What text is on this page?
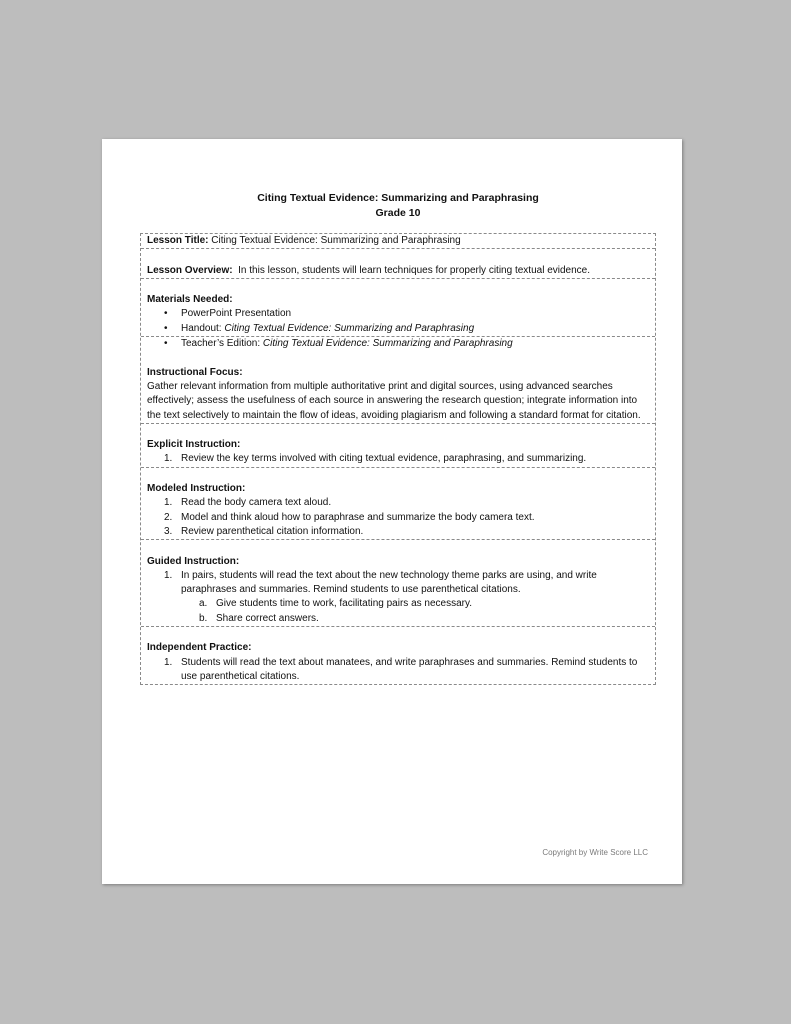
Citing Textual Evidence: Summarizing and Paraphrasing
Grade 10
Lesson Title: Citing Textual Evidence: Summarizing and Paraphrasing
Lesson Overview: In this lesson, students will learn techniques for properly citing textual evidence.
Materials Needed:
• PowerPoint Presentation
• Handout: Citing Textual Evidence: Summarizing and Paraphrasing
• Teacher’s Edition: Citing Textual Evidence: Summarizing and Paraphrasing
Instructional Focus:
Gather relevant information from multiple authoritative print and digital sources, using advanced searches effectively; assess the usefulness of each source in answering the research question; integrate information into the text selectively to maintain the flow of ideas, avoiding plagiarism and following a standard format for citation.
Explicit Instruction:
1. Review the key terms involved with citing textual evidence, paraphrasing, and summarizing.
Modeled Instruction:
1. Read the body camera text aloud.
2. Model and think aloud how to paraphrase and summarize the body camera text.
3. Review parenthetical citation information.
Guided Instruction:
1. In pairs, students will read the text about the new technology theme parks are using, and write paraphrases and summaries. Remind students to use parenthetical citations.
a. Give students time to work, facilitating pairs as necessary.
b. Share correct answers.
Independent Practice:
1. Students will read the text about manatees, and write paraphrases and summaries. Remind students to use parenthetical citations.
Copyright by Write Score LLC
